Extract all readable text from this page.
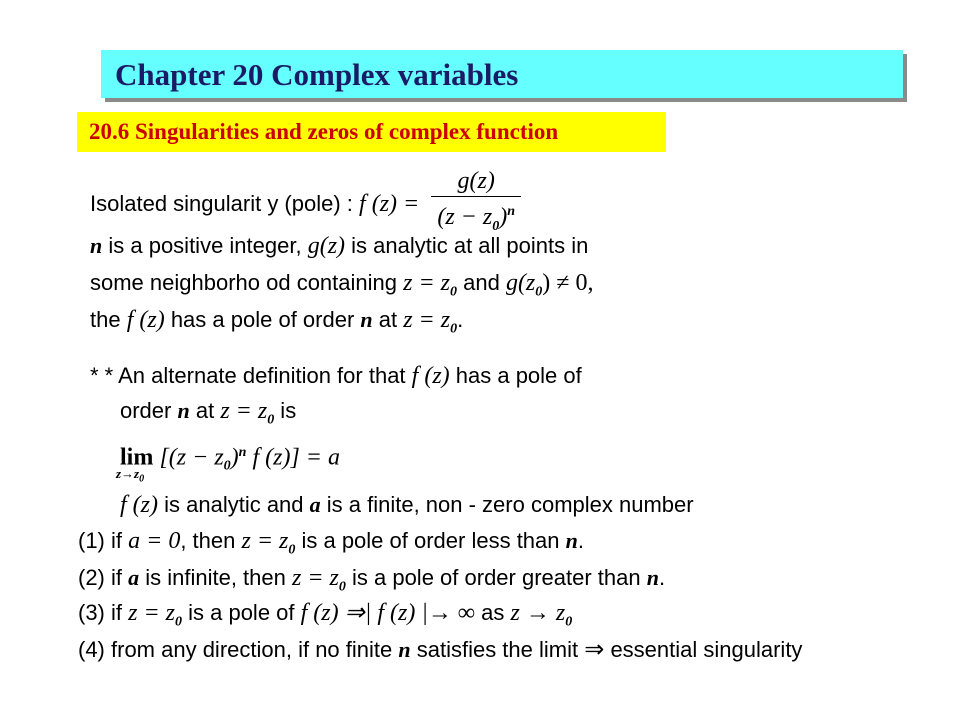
Chapter 20 Complex variables
20.6 Singularities and zeros of complex function
Isolated singularit y (pole) : f $(z) = \frac{g(z)}{(z - z_0)^n}$
n is a positive integer, g(z) is analytic at all points in
some neighborho od containing $z = z_0$ and $g(z_0) \ne 0$,
the f (z) has a pole of order n at $z = z_0$.
* * An alternate definition for that f (z) has a pole of
order n at $z = z_0$ is
$\lim [(z - z_0)^n$ f (z)] = a
$z\to z_0$
f (z) is analytic and a is a finite, non - zero complex number
(1) if a = 0, then $z = z_0$ is a pole of order less than n.
(2) if a is infinite, then $z = z_0$ is a pole of order greater than n.
(3) if $z = z_0$ is a pole of f (z) ⇒| f (z) |→ ∞ as $z \to z_0$
(4) from any direction, if no finite n satisfies the limit ⇒ essential singularity
